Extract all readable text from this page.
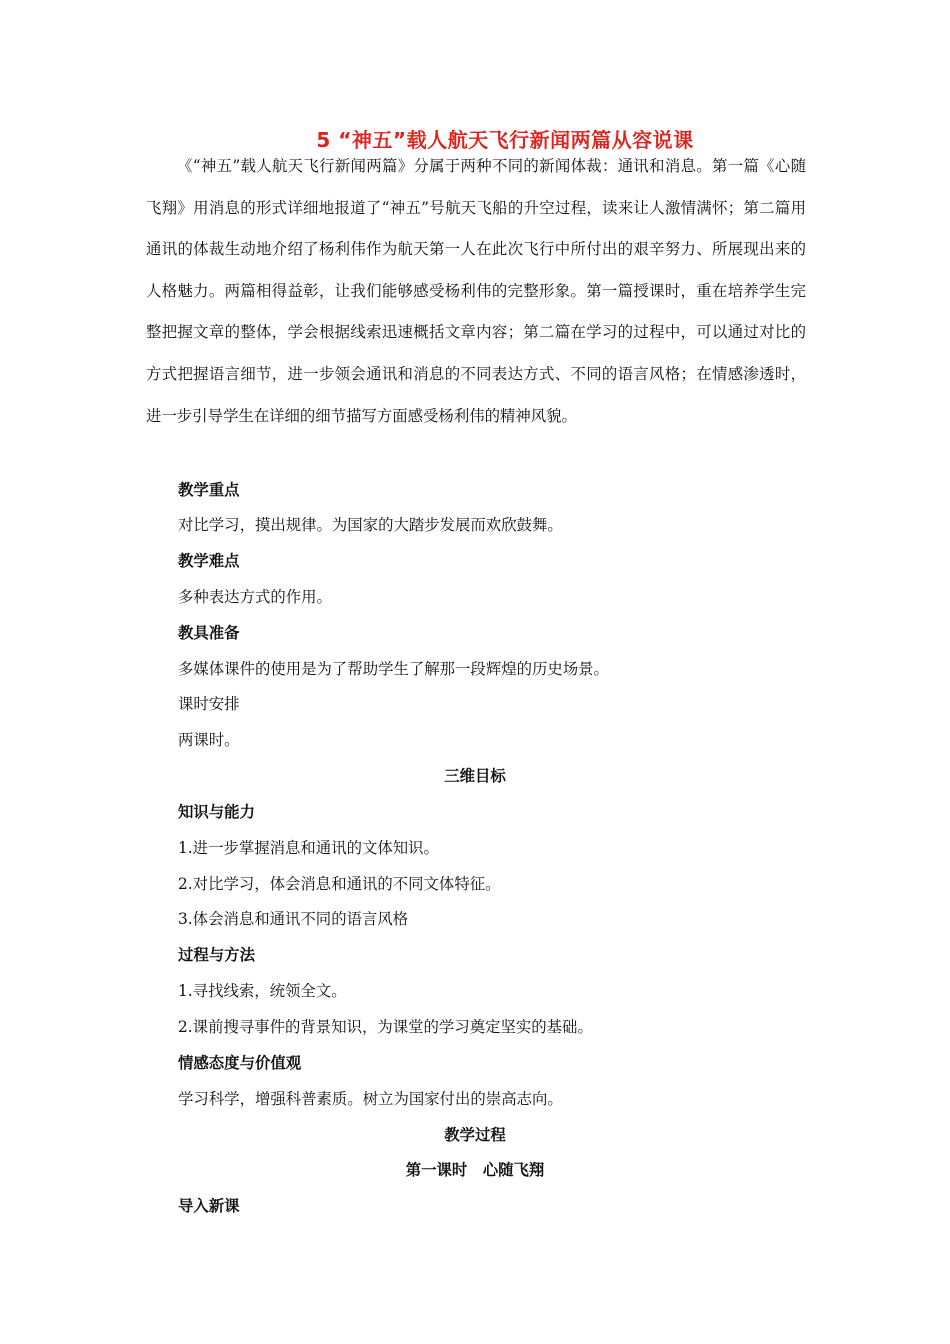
5 “神五”载人航天飞行新闻两篇从容说课
《“神五”载人航天飞行新闻两篇》分属于两种不同的新闻体裁：通讯和消息。第一篇《心随飞翔》用消息的形式详细地报道了“神五”号航天飞船的升空过程，读来让人激情满怀；第二篇用通讯的体裁生动地介绍了杨利伟作为航天第一人在此次飞行中所付出的艰辛努力、所展现出来的人格魅力。两篇相得益彰，让我们能够感受杨利伟的完整形象。第一篇授课时，重在培养学生完整把握文章的整体，学会根据线索迅速概括文章内容；第二篇在学习的过程中，可以通过对比的方式把握语言细节，进一步领会通讯和消息的不同表达方式、不同的语言风格；在情感渗透时，进一步引导学生在详细的细节描写方面感受杨利伟的精神风貌。
教学重点
对比学习，摸出规律。为国家的大踏步发展而欢欣鼓舞。
教学难点
多种表达方式的作用。
教具准备
多媒体课件的使用是为了帮助学生了解那一段辉煌的历史场景。
课时安排
两课时。
三维目标
知识与能力
1.进一步掌握消息和通讯的文体知识。
2.对比学习，体会消息和通讯的不同文体特征。
3.体会消息和通讯不同的语言风格
过程与方法
1.寻找线索，统领全文。
2.课前搜寻事件的背景知识，为课堂的学习奠定坚实的基础。
情感态度与价值观
学习科学，增强科普素质。树立为国家付出的崇高志向。
教学过程
第一课时　心随飞翔
导入新课
